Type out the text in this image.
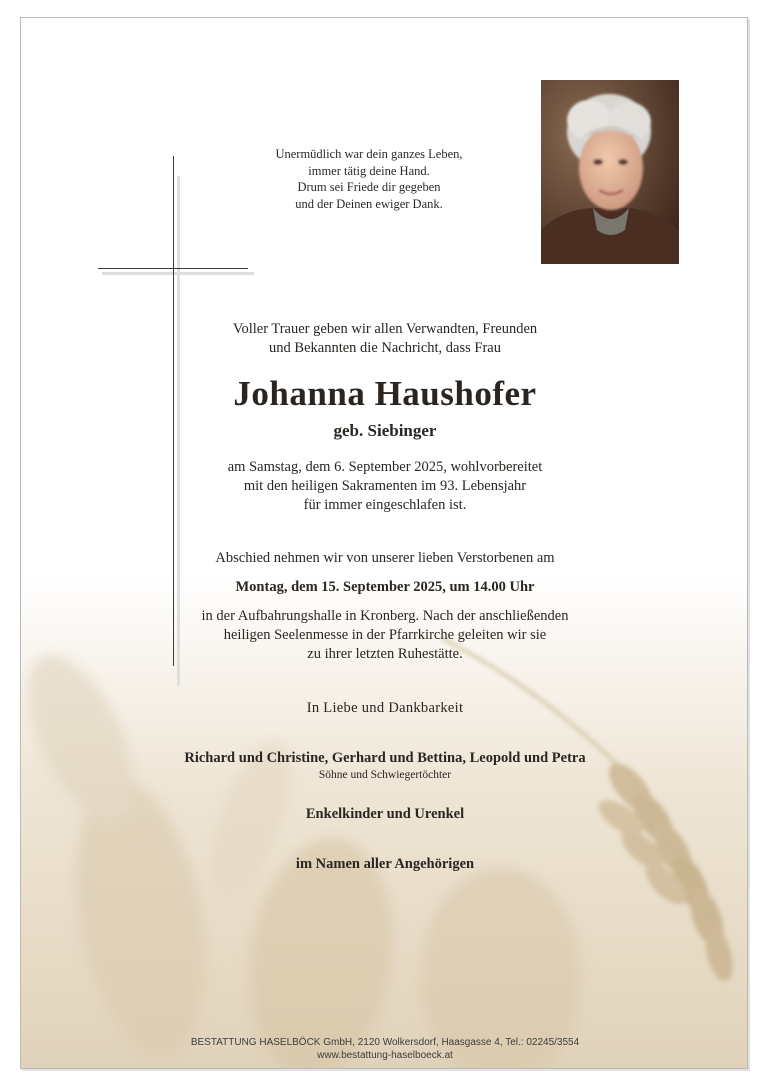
Unermüdlich war dein ganzes Leben,
immer tätig deine Hand.
Drum sei Friede dir gegeben
und der Deinen ewiger Dank.
Voller Trauer geben wir allen Verwandten, Freunden
und Bekannten die Nachricht, dass Frau
Johanna Haushofer
geb. Siebinger
am Samstag, dem 6. September 2025, wohlvorbereitet
mit den heiligen Sakramenten im 93. Lebensjahr
für immer eingeschlafen ist.
Abschied nehmen wir von unserer lieben Verstorbenen am
Montag, dem 15. September 2025, um 14.00 Uhr
in der Aufbahrungshalle in Kronberg. Nach der anschließenden
heiligen Seelenmesse in der Pfarrkirche geleiten wir sie
zu ihrer letzten Ruhestätte.
In Liebe und Dankbarkeit
Richard und Christine, Gerhard und Bettina, Leopold und Petra
Söhne und Schwiegertöchter
Enkelkinder und Urenkel
im Namen aller Angehörigen
BESTATTUNG HASELBÖCK GmbH, 2120 Wolkersdorf, Haasgasse 4, Tel.: 02245/3554
www.bestattung-haselboeck.at
